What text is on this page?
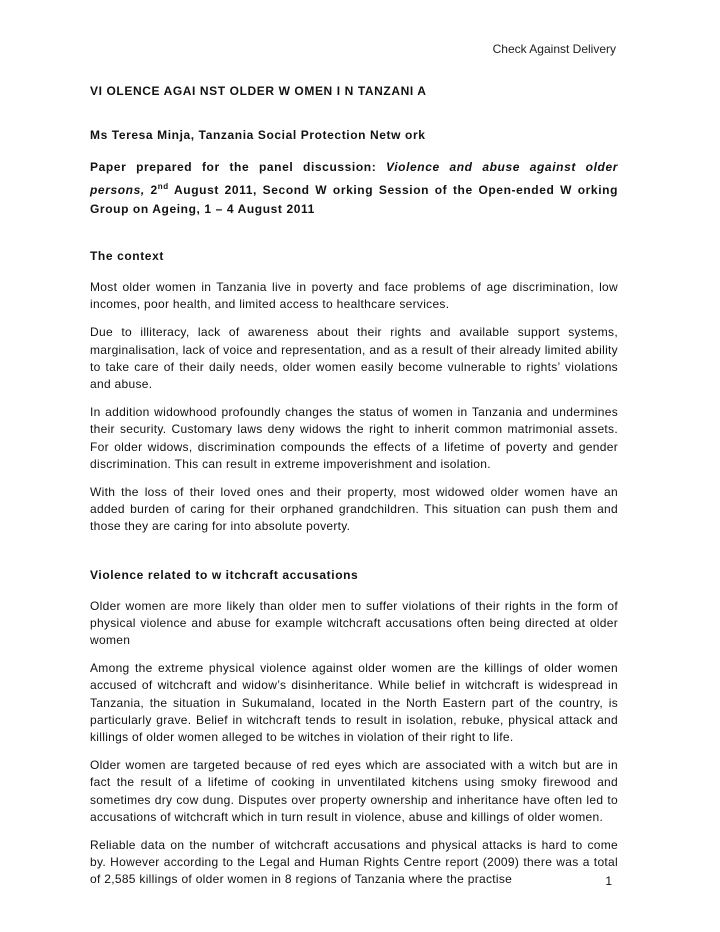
Check Against Delivery
VI OLENCE AGAI NST OLDER W OMEN I N TANZANI A
Ms Teresa Minja, Tanzania Social Protection Netw ork
Paper prepared for the panel discussion: Violence and abuse against older persons, 2nd August 2011, Second W orking Session of the Open-ended W orking Group on Ageing, 1 – 4 August 2011
The context

Most older women in Tanzania live in poverty and face problems of age discrimination, low incomes, poor health, and limited access to healthcare services.

Due to illiteracy, lack of awareness about their rights and available support systems, marginalisation, lack of voice and representation, and as a result of their already limited ability to take care of their daily needs, older women easily become vulnerable to rights’ violations and abuse.

In addition widowhood profoundly changes the status of women in Tanzania and undermines their security. Customary laws deny widows the right to inherit common matrimonial assets. For older widows, discrimination compounds the effects of a lifetime of poverty and gender discrimination. This can result in extreme impoverishment and isolation.

With the loss of their loved ones and their property, most widowed older women have an added burden of caring for their orphaned grandchildren. This situation can push them and those they are caring for into absolute poverty.

Violence related to w itchcraft accusations

Older women are more likely than older men to suffer violations of their rights in the form of physical violence and abuse for example witchcraft accusations often being directed at older women

Among the extreme physical violence against older women are the killings of older women accused of witchcraft and widow’s disinheritance. While belief in witchcraft is widespread in Tanzania, the situation in Sukumaland, located in the North Eastern part of the country, is particularly grave. Belief in witchcraft tends to result in isolation, rebuke, physical attack and killings of older women alleged to be witches in violation of their right to life.

Older women are targeted because of red eyes which are associated with a witch but are in fact the result of a lifetime of cooking in unventilated kitchens using smoky firewood and sometimes dry cow dung. Disputes over property ownership and inheritance have often led to accusations of witchcraft which in turn result in violence, abuse and killings of older women.

Reliable data on the number of witchcraft accusations and physical attacks is hard to come by. However according to the Legal and Human Rights Centre report (2009) there was a total of 2,585 killings of older women in 8 regions of Tanzania where the practise	1
